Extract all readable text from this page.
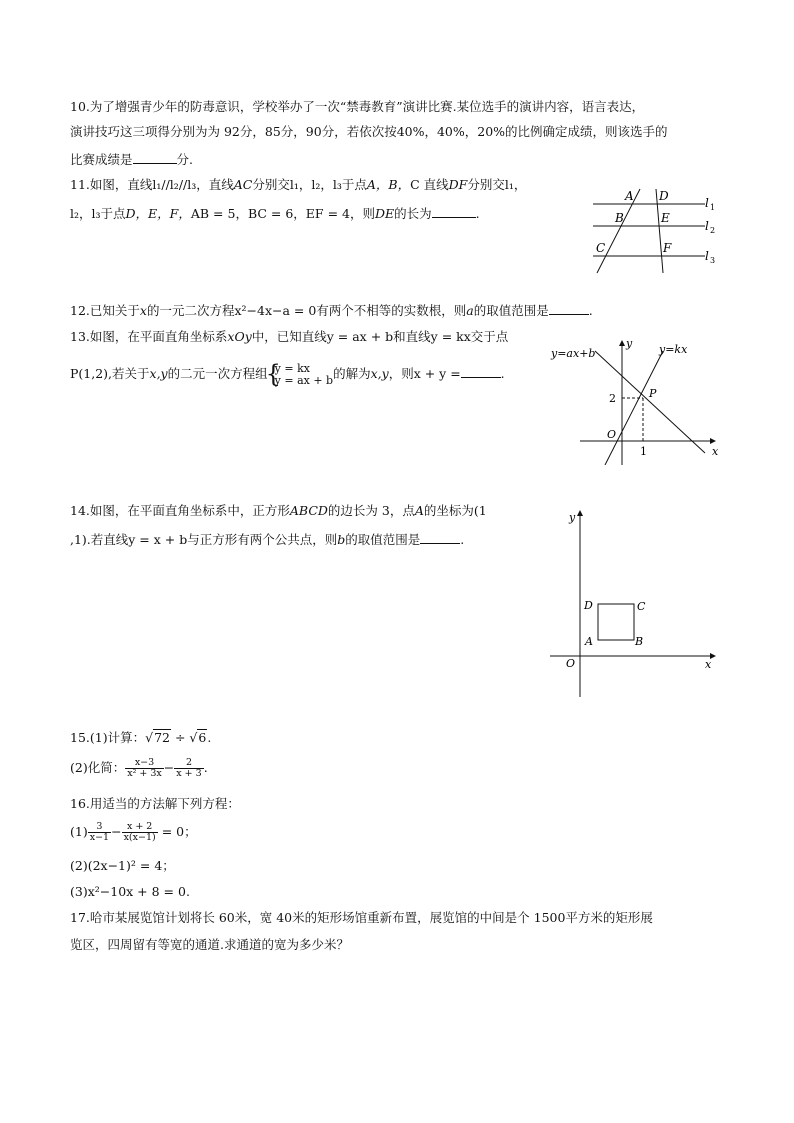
10.为了增强青少年的防毒意识，学校举办了一次“禁毒教育”演讲比赛.某位选手的演讲内容，语言表达，
演讲技巧这三项得分别为为 92分，85分，90分，若依次按40%，40%，20%的比例确定成绩，则该选手的
比赛成绩是	分.
11.如图，直线l₁//l₂//l₃，直线AC分别交l₁，l₂，l₃于点A，B，C 直线DF分别交l₁，
l₂，l₃于点D，E，F，AB = 5，BC = 6，EF = 4，则DE的长为	.
A D
B	E
C	F
l 1
l 2
l 3
12.已知关于x的一元二次方程x²−4x−a = 0有两个不相等的实数根，则a的取值范围是	.
13.如图，在平面直角坐标系xOy中，已知直线y = ax + b和直线y = kx交于点
P(1,2),若关于x,y的二元一次方程组
{ y = kx
y = ax + b 的解为x,y，则x + y =	.
y=ax+b	y=kx
y
x
O
P
2
1
14.如图，在平面直角坐标系中，正方形ABCD的边长为 3，点A的坐标为(1
,1).若直线y = x + b与正方形有两个公共点，则b的取值范围是	.
y
x
O
A	B
C
D
15.(1)计算：√72 ÷ √6.
(2)化简： $\frac{x-3}{\text{x² + 3x}} - \frac{2}{x + 3}$ .
16.用适当的方法解下列方程：
$(1) \frac{3}{x-1} - \frac{x + 2}{x(x-1)} = 0$；
(2)(2x−1)² = 4；
(3)x²−10x + 8 = 0.
17.哈市某展览馆计划将长 60米，宽 40米的矩形场馆重新布置，展览馆的中间是个 1500平方米的矩形展
览区，四周留有等宽的通道.求通道的宽为多少米？
